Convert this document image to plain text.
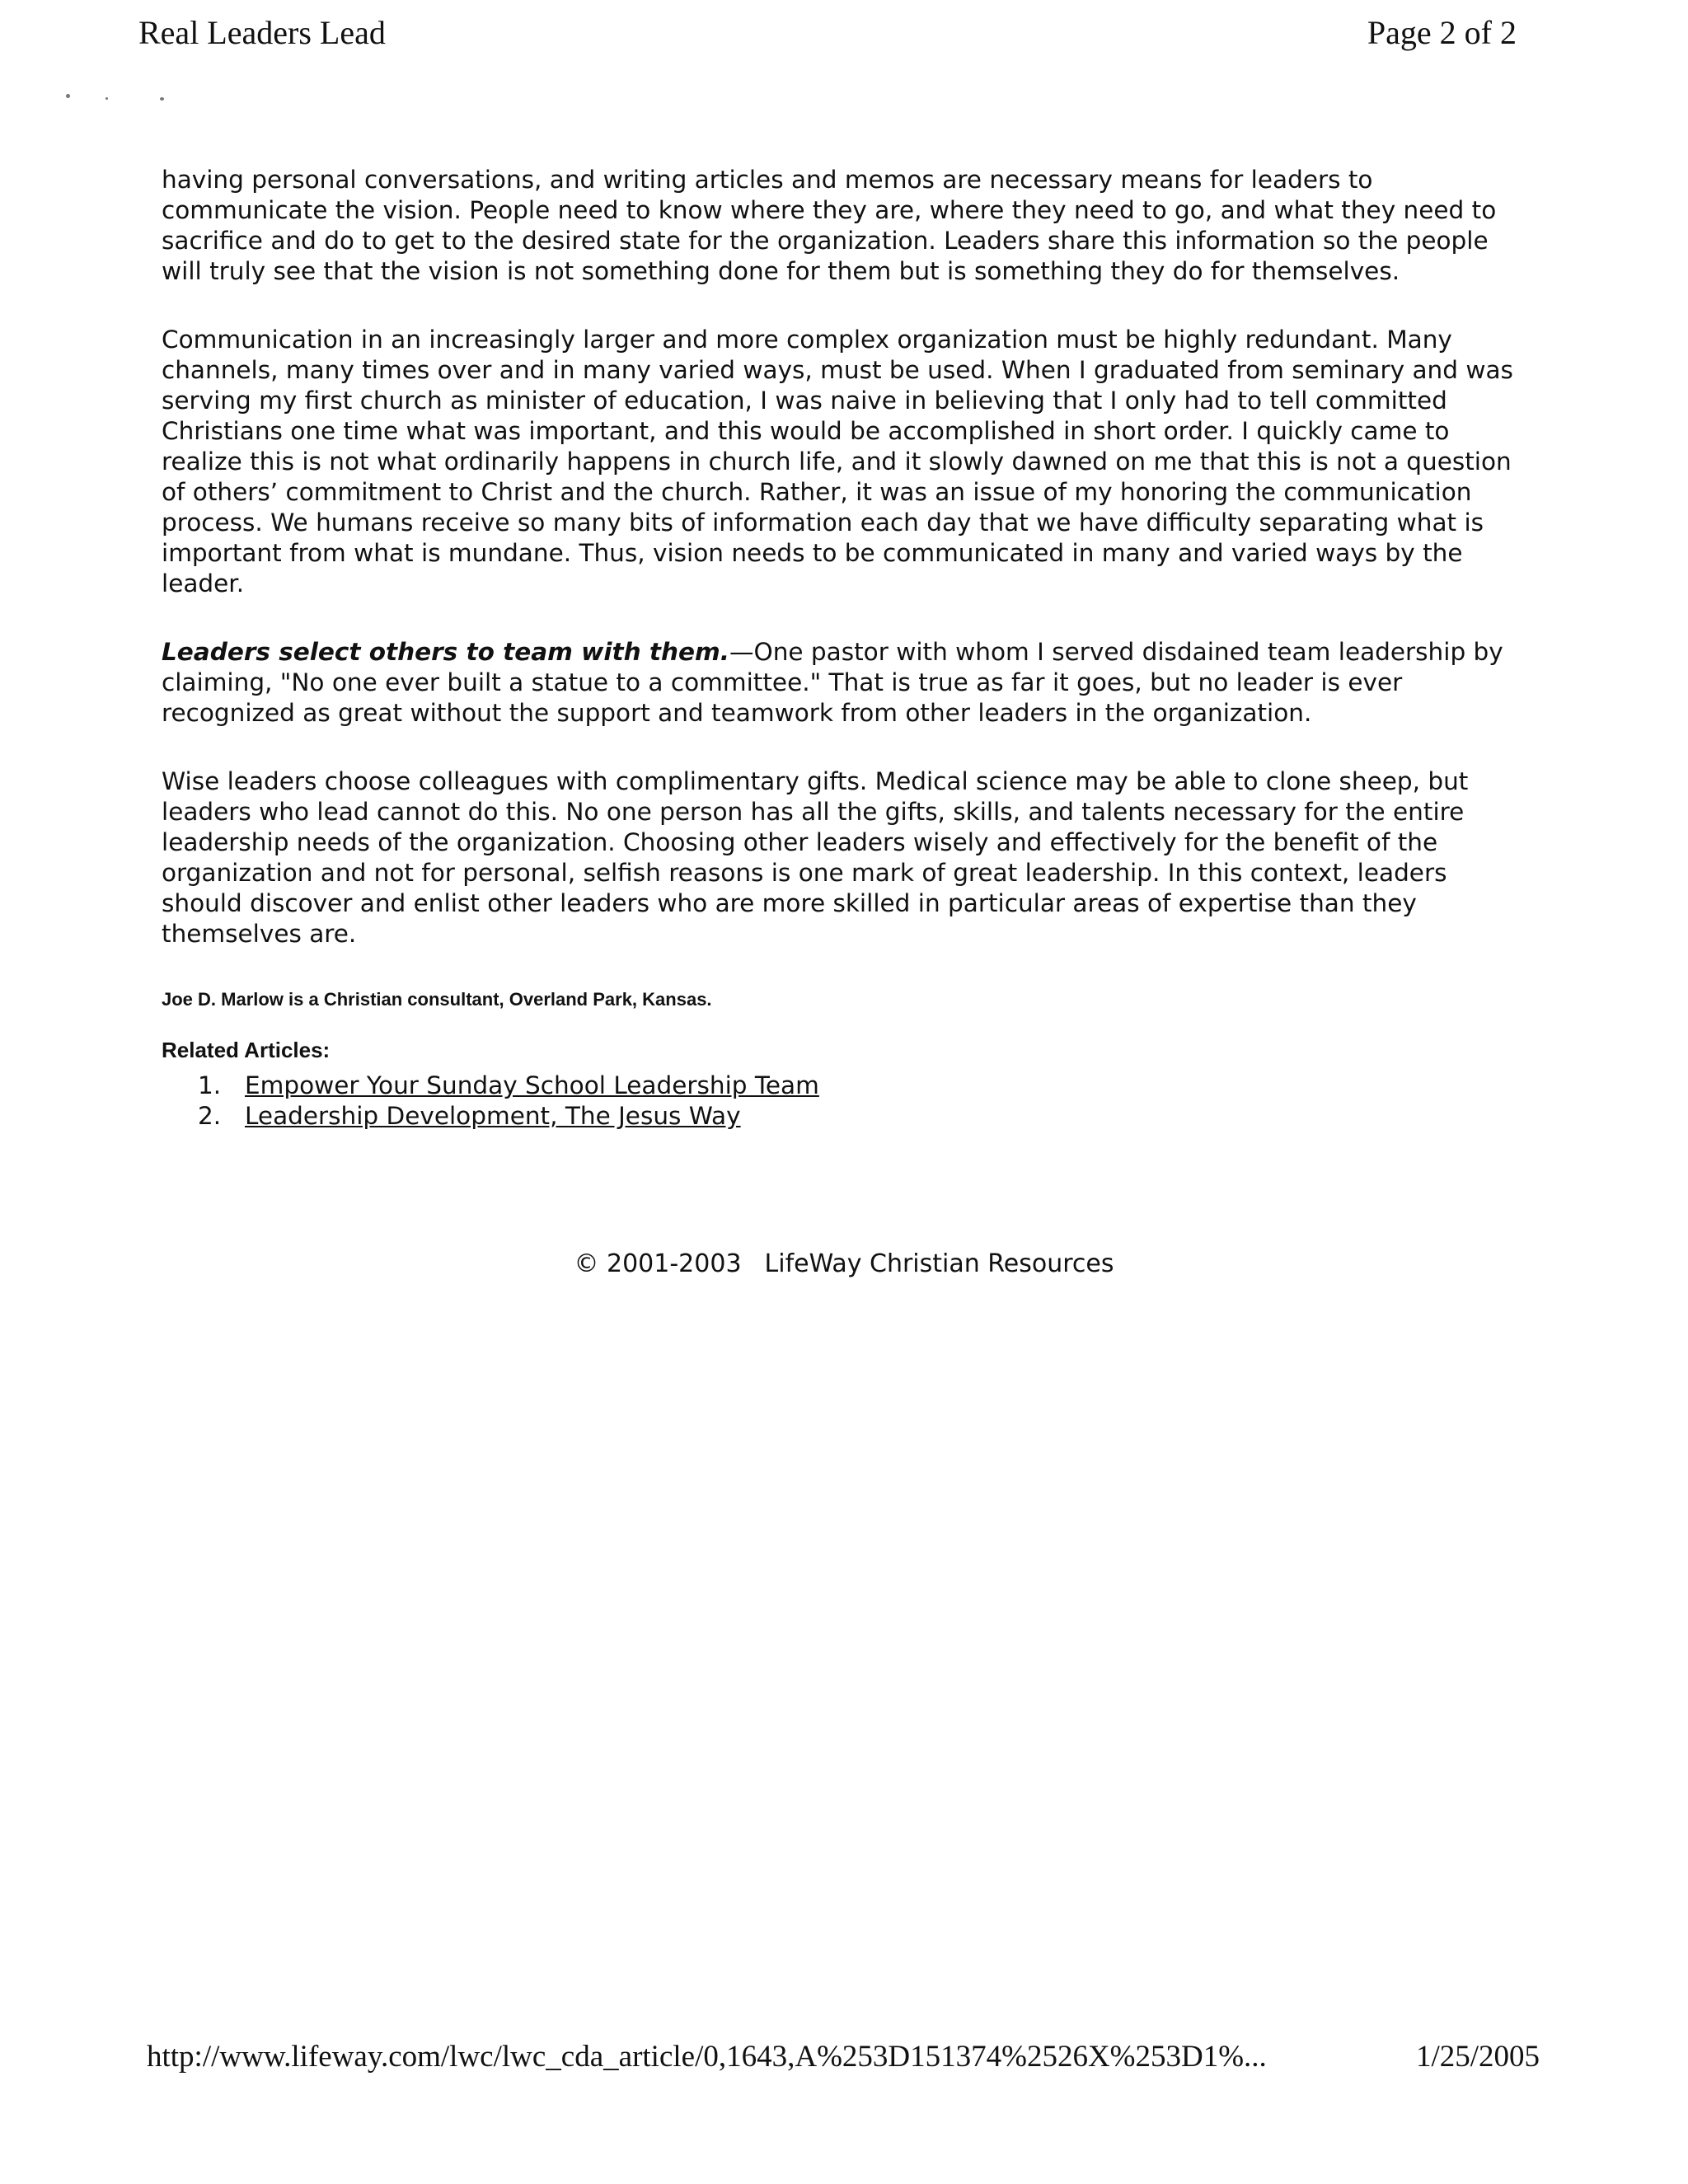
Real Leaders Lead	Page 2 of 2

having personal conversations, and writing articles and memos are necessary means for leaders to communicate the vision. People need to know where they are, where they need to go, and what they need to sacrifice and do to get to the desired state for the organization. Leaders share this information so the people will truly see that the vision is not something done for them but is something they do for themselves.

Communication in an increasingly larger and more complex organization must be highly redundant. Many channels, many times over and in many varied ways, must be used. When I graduated from seminary and was serving my first church as minister of education, I was naive in believing that I only had to tell committed Christians one time what was important, and this would be accomplished in short order. I quickly came to realize this is not what ordinarily happens in church life, and it slowly dawned on me that this is not a question of others’ commitment to Christ and the church. Rather, it was an issue of my honoring the communication process. We humans receive so many bits of information each day that we have difficulty separating what is important from what is mundane. Thus, vision needs to be communicated in many and varied ways by the leader.

Leaders select others to team with them.—One pastor with whom I served disdained team leadership by claiming, "No one ever built a statue to a committee." That is true as far it goes, but no leader is ever recognized as great without the support and teamwork from other leaders in the organization.

Wise leaders choose colleagues with complimentary gifts. Medical science may be able to clone sheep, but leaders who lead cannot do this. No one person has all the gifts, skills, and talents necessary for the entire leadership needs of the organization. Choosing other leaders wisely and effectively for the benefit of the organization and not for personal, selfish reasons is one mark of great leadership. In this context, leaders should discover and enlist other leaders who are more skilled in particular areas of expertise than they themselves are.

Joe D. Marlow is a Christian consultant, Overland Park, Kansas.

Related Articles:
1. Empower Your Sunday School Leadership Team
2. Leadership Development, The Jesus Way
© 2001-2003 LifeWay Christian Resources
http://www.lifeway.com/lwc/lwc_cda_article/0,1643,A%253D151374%2526X%253D1%...	1/25/2005
